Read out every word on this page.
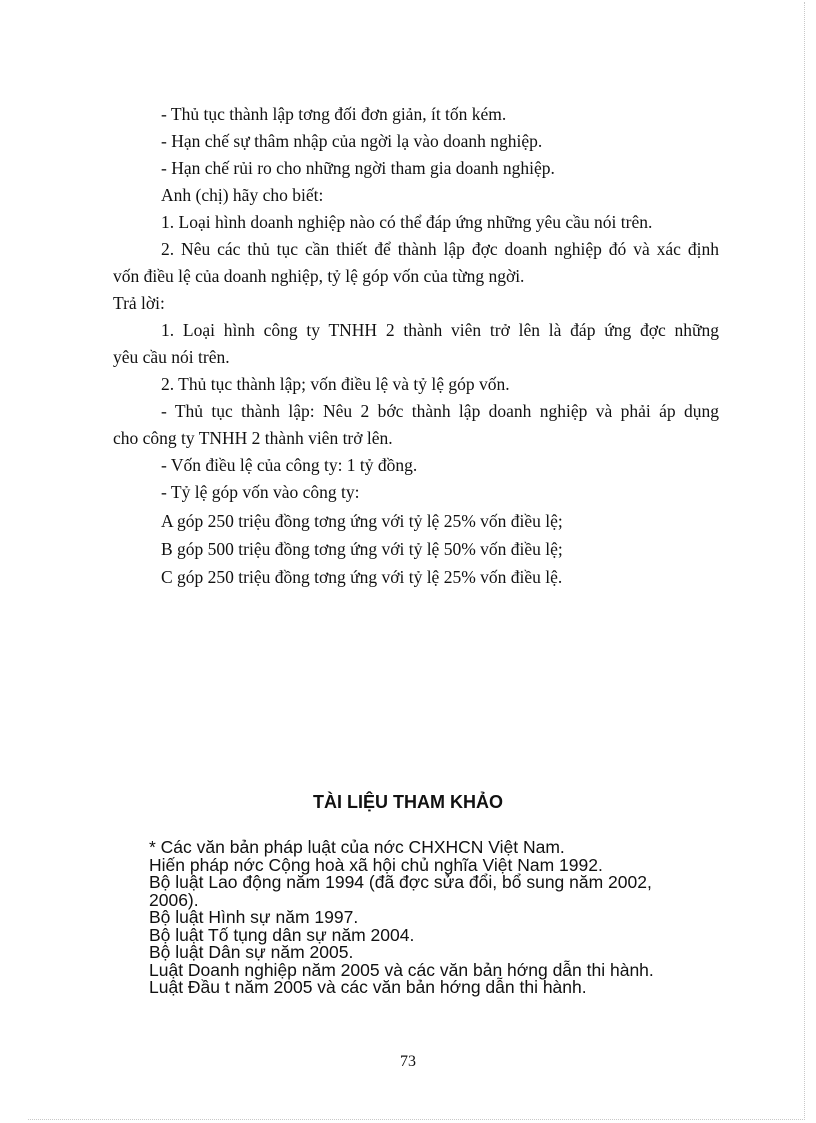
- Thủ tục thành lập tơng đối đơn giản, ít tốn kém.
- Hạn chế sự thâm nhập của ngời lạ vào doanh nghiệp.
- Hạn chế rủi ro cho những ngời tham gia doanh nghiệp.
Anh (chị) hãy cho biết:
1. Loại hình doanh nghiệp nào có thể đáp ứng những yêu cầu nói trên.
2. Nêu các thủ tục cần thiết để thành lập đợc doanh nghiệp đó và xác định
vốn điều lệ của doanh nghiệp, tỷ lệ góp vốn của từng ngời.
Trả lời:
1. Loại hình công ty TNHH 2 thành viên trở lên là đáp ứng đợc những
yêu cầu nói trên.
2. Thủ tục thành lập; vốn điều lệ và tỷ lệ góp vốn.
- Thủ tục thành lập: Nêu 2 bớc thành lập doanh nghiệp và phải áp dụng
cho công ty TNHH 2 thành viên trở lên.
- Vốn điều lệ của công ty: 1 tỷ đồng.
- Tỷ lệ góp vốn vào công ty:
A góp 250 triệu đồng tơng ứng với tỷ lệ 25% vốn điều lệ;
B góp 500 triệu đồng tơng ứng với tỷ lệ 50% vốn điều lệ;
C góp 250 triệu đồng tơng ứng với tỷ lệ 25% vốn điều lệ.
TÀI LIỆU THAM KHẢO
* Các văn bản pháp luật của nớc CHXHCN Việt Nam.
Hiến pháp nớc Cộng hoà xã hội chủ nghĩa Việt Nam 1992.
Bộ luật Lao động năm 1994 (đã đợc sửa đổi, bổ sung năm 2002,
2006).
Bộ luật Hình sự năm 1997.
Bộ luật Tố tụng dân sự năm 2004.
Bộ luật Dân sự năm 2005.
Luật Doanh nghiệp năm 2005 và các văn bản hớng dẫn thi hành.
Luật Đầu t năm 2005 và các văn bản hớng dẫn thi hành.
73
